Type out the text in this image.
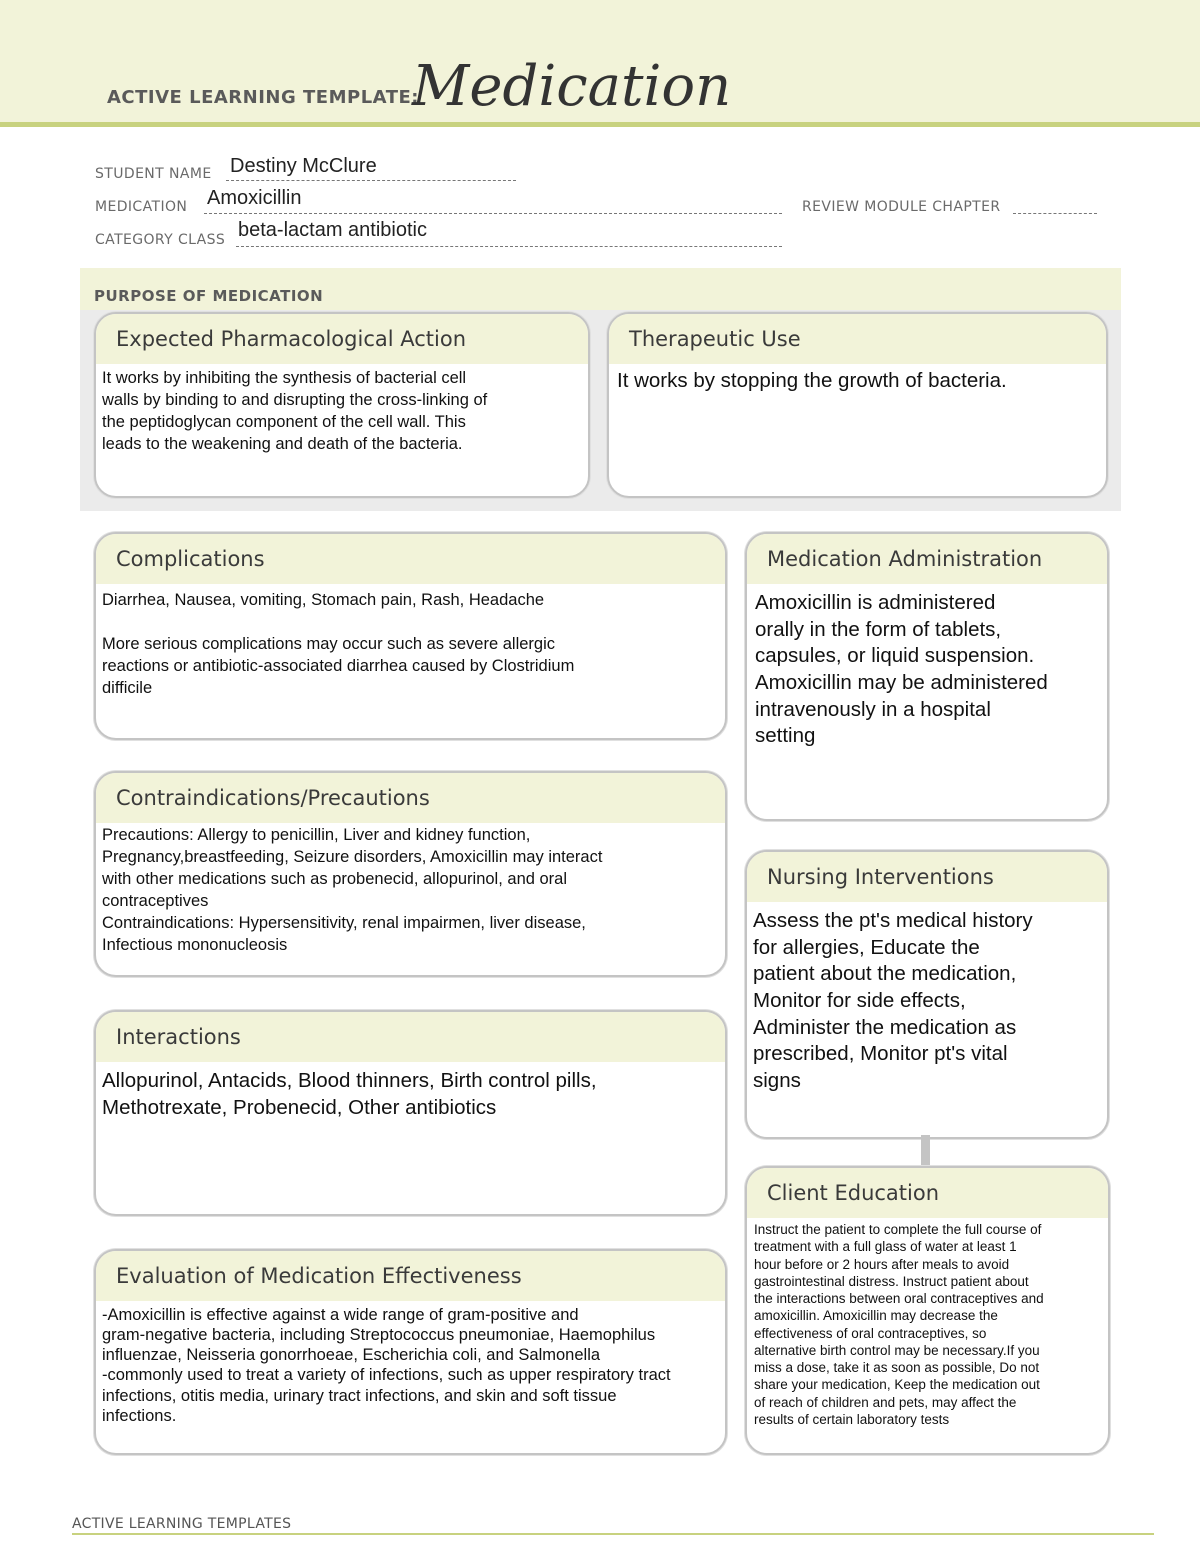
ACTIVE LEARNING TEMPLATE:
Medication
STUDENT NAME Destiny McClure
MEDICATION Amoxicillin	REVIEW MODULE CHAPTER
CATEGORY CLASS beta-lactam antibiotic
PURPOSE OF MEDICATION
Expected Pharmacological Action
It works by inhibiting the synthesis of bacterial cell
walls by binding to and disrupting the cross-linking of
the peptidoglycan component of the cell wall. This
leads to the weakening and death of the bacteria.
Therapeutic Use
It works by stopping the growth of bacteria.
Complications
Diarrhea, Nausea, vomiting, Stomach pain, Rash, Headache

More serious complications may occur such as severe allergic
reactions or antibiotic-associated diarrhea caused by Clostridium
difficile
Medication Administration
Amoxicillin is administered
orally in the form of tablets,
capsules, or liquid suspension.
Amoxicillin may be administered
intravenously in a hospital
setting
Contraindications/Precautions
Precautions: Allergy to penicillin, Liver and kidney function,
Pregnancy,breastfeeding, Seizure disorders, Amoxicillin may interact
with other medications such as probenecid, allopurinol, and oral
contraceptives
Contraindications: Hypersensitivity, renal impairmen, liver disease,
Infectious mononucleosis
Nursing Interventions
Assess the pt's medical history
for allergies, Educate the
patient about the medication,
Monitor for side effects,
Administer the medication as
prescribed, Monitor pt's vital
signs
Interactions
Allopurinol, Antacids, Blood thinners, Birth control pills,
Methotrexate, Probenecid, Other antibiotics
Client Education
Instruct the patient to complete the full course of
treatment with a full glass of water at least 1
hour before or 2 hours after meals to avoid
gastrointestinal distress. Instruct patient about
the interactions between oral contraceptives and
amoxicillin. Amoxicillin may decrease the
effectiveness of oral contraceptives, so
alternative birth control may be necessary.If you
miss a dose, take it as soon as possible, Do not
share your medication, Keep the medication out
of reach of children and pets, may affect the
results of certain laboratory tests
Evaluation of Medication Effectiveness
-Amoxicillin is effective against a wide range of gram-positive and
gram-negative bacteria, including Streptococcus pneumoniae, Haemophilus
influenzae, Neisseria gonorrhoeae, Escherichia coli, and Salmonella
-commonly used to treat a variety of infections, such as upper respiratory tract
infections, otitis media, urinary tract infections, and skin and soft tissue
infections.
ACTIVE LEARNING TEMPLATES
